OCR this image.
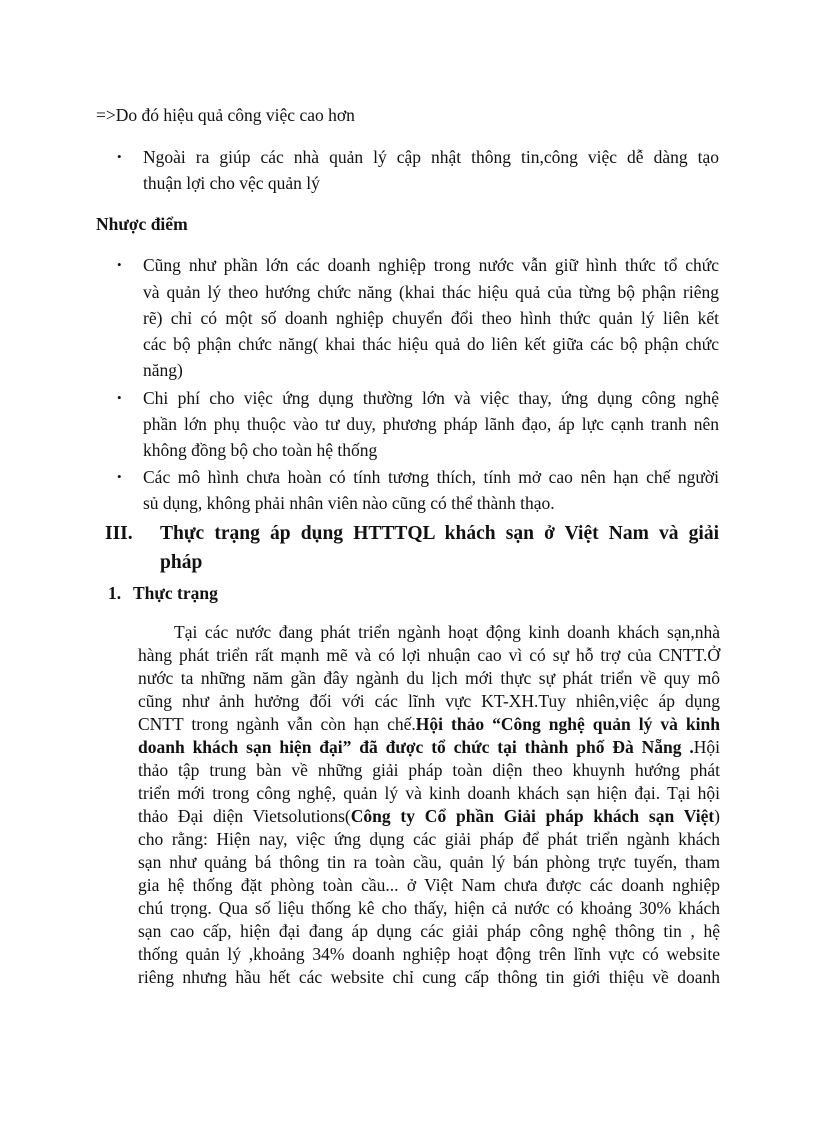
=>Do đó hiệu quả công việc cao hơn
• Ngoài ra giúp các nhà quản lý cập nhật thông tin,công việc dễ dàng tạo
thuận lợi cho vệc quản lý
Nhược điểm
• Cũng như phần lớn các doanh nghiệp trong nước vẫn giữ hình thức tổ chức
và quản lý theo hướng chức năng (khai thác hiệu quả của từng bộ phận riêng
rẽ) chỉ có một số doanh nghiệp chuyển đổi theo hình thức quản lý liên kết
các bộ phận chức năng( khai thác hiệu quả do liên kết giữa các bộ phận chức
năng)
• Chi phí cho việc ứng dụng thường lớn và việc thay, ứng dụng công nghệ
phần lớn phụ thuộc vào tư duy, phương pháp lãnh đạo, áp lực cạnh tranh nên
không đồng bộ cho toàn hệ thống
• Các mô hình chưa hoàn có tính tương thích, tính mở cao nên hạn chế người
sủ dụng, không phải nhân viên nào cũng có thể thành thạo.
III. Thực trạng áp dụng HTTTQL khách sạn ở Việt Nam và giải
pháp
1. Thực trạng
Tại các nước đang phát triển ngành hoạt động kinh doanh khách sạn,nhà
hàng phát triển rất mạnh mẽ và có lợi nhuận cao vì có sự hỗ trợ của CNTT.Ở
nước ta những năm gần đây ngành du lịch mới thực sự phát triển về quy mô
cũng như ảnh hưởng đối với các lĩnh vực KT-XH.Tuy nhiên,việc áp dụng
CNTT trong ngành vẫn còn hạn chế.Hội thảo “Công nghệ quản lý và kinh
doanh khách sạn hiện đại” đã được tổ chức tại thành phố Đà Nẵng .Hội
thảo tập trung bàn về những giải pháp toàn diện theo khuynh hướng phát
triển mới trong công nghệ, quản lý và kinh doanh khách sạn hiện đại. Tại hội
thảo Đại diện Vietsolutions(Công ty Cổ phần Giải pháp khách sạn Việt)
cho rằng: Hiện nay, việc ứng dụng các giải pháp để phát triển ngành khách
sạn như quảng bá thông tin ra toàn cầu, quản lý bán phòng trực tuyến, tham
gia hệ thống đặt phòng toàn cầu... ở Việt Nam chưa được các doanh nghiệp
chú trọng. Qua số liệu thống kê cho thấy, hiện cả nước có khoảng 30% khách
sạn cao cấp, hiện đại đang áp dụng các giải pháp công nghệ thông tin , hệ
thống quản lý ,khoảng 34% doanh nghiệp hoạt động trên lĩnh vực có website
riêng nhưng hầu hết các website chỉ cung cấp thông tin giới thiệu về doanh
